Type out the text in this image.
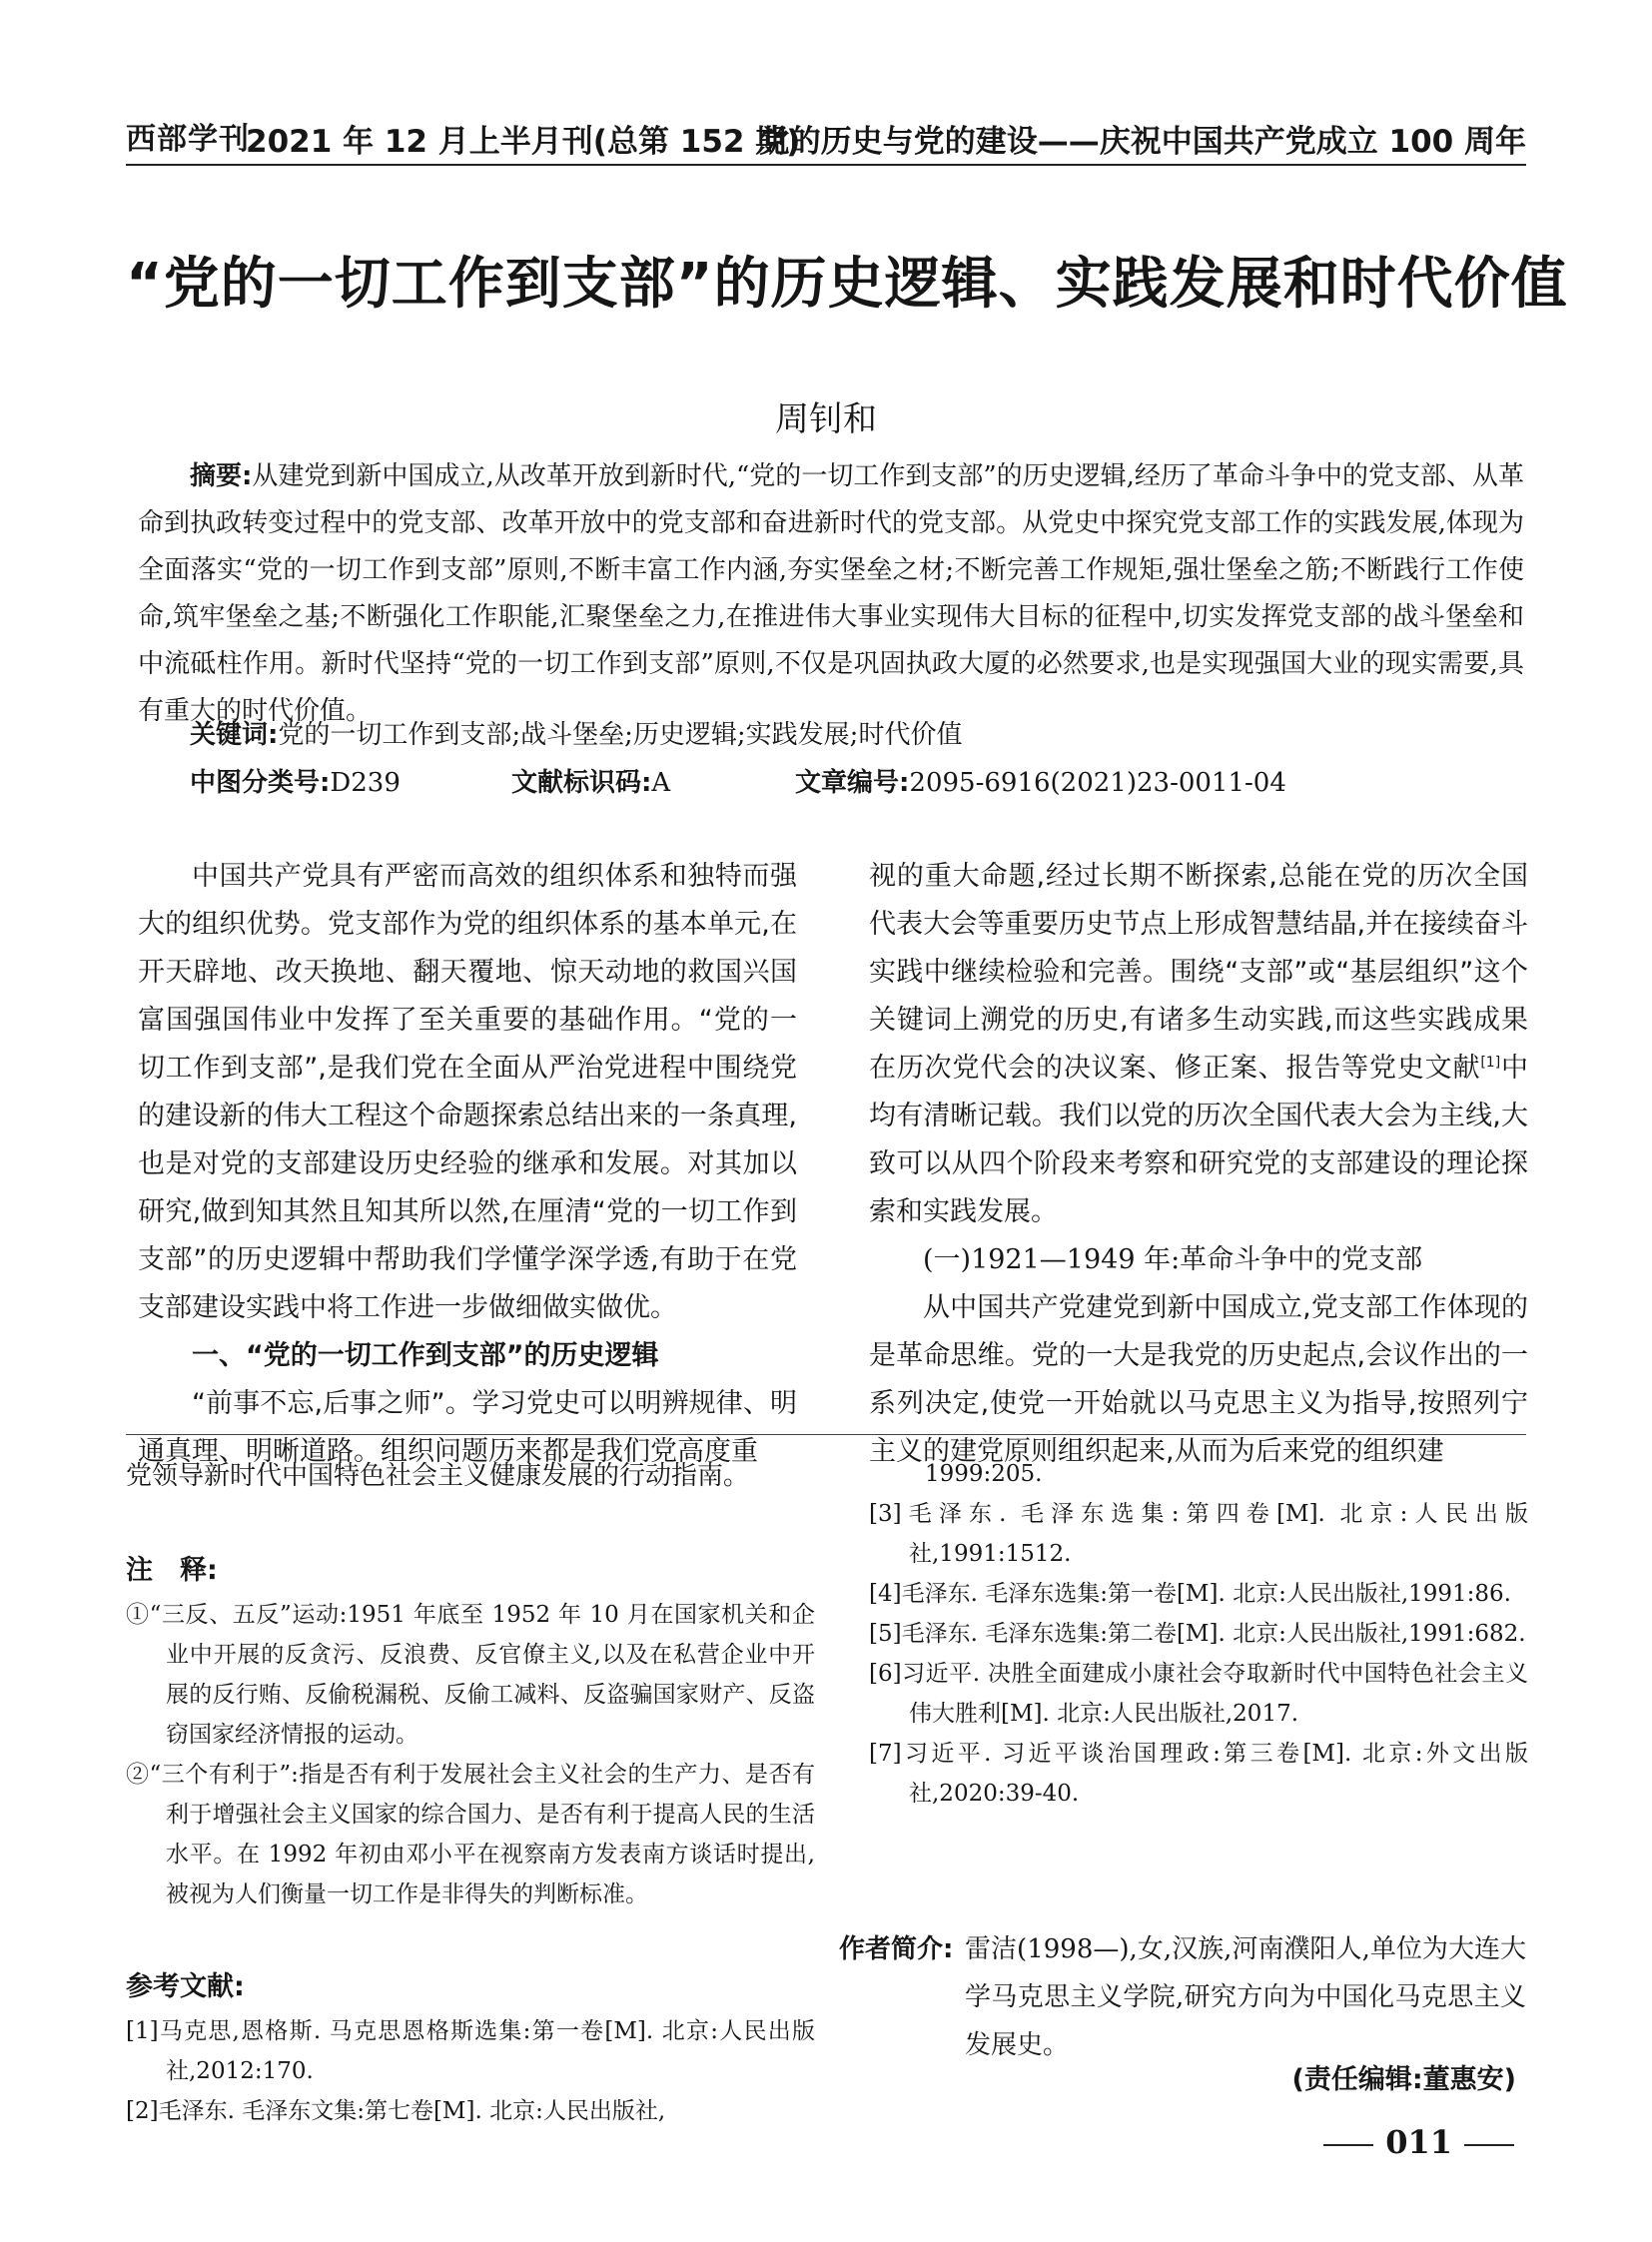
西部学刊
2021 年 12 月上半月刊(总第 152 期)
党的历史与党的建设——庆祝中国共产党成立 100 周年
“党的一切工作到支部”的历史逻辑、实践发展和时代价值
周钊和
摘要:从建党到新中国成立,从改革开放到新时代,“党的一切工作到支部”的历史逻辑,经历了革命斗争中的党支部、从革命到执政转变过程中的党支部、改革开放中的党支部和奋进新时代的党支部。从党史中探究党支部工作的实践发展,体现为全面落实“党的一切工作到支部”原则,不断丰富工作内涵,夯实堡垒之材;不断完善工作规矩,强壮堡垒之筋;不断践行工作使命,筑牢堡垒之基;不断强化工作职能,汇聚堡垒之力,在推进伟大事业实现伟大目标的征程中,切实发挥党支部的战斗堡垒和中流砥柱作用。新时代坚持“党的一切工作到支部”原则,不仅是巩固执政大厦的必然要求,也是实现强国大业的现实需要,具有重大的时代价值。
关键词:党的一切工作到支部;战斗堡垒;历史逻辑;实践发展;时代价值
中图分类号:D239	文献标识码:A	文章编号:2095-6916(2021)23-0011-04

中国共产党具有严密而高效的组织体系和独特而强大的组织优势。党支部作为党的组织体系的基本单元,在开天辟地、改天换地、翻天覆地、惊天动地的救国兴国富国强国伟业中发挥了至关重要的基础作用。“党的一切工作到支部”,是我们党在全面从严治党进程中围绕党的建设新的伟大工程这个命题探索总结出来的一条真理,也是对党的支部建设历史经验的继承和发展。对其加以研究,做到知其然且知其所以然,在厘清“党的一切工作到支部”的历史逻辑中帮助我们学懂学深学透,有助于在党支部建设实践中将工作进一步做细做实做优。

一、“党的一切工作到支部”的历史逻辑

“前事不忘,后事之师”。学习党史可以明辨规律、明通真理、明晰道路。组织问题历来都是我们党高度重

视的重大命题,经过长期不断探索,总能在党的历次全国代表大会等重要历史节点上形成智慧结晶,并在接续奋斗实践中继续检验和完善。围绕“支部”或“基层组织”这个关键词上溯党的历史,有诸多生动实践,而这些实践成果在历次党代会的决议案、修正案、报告等党史文献[1]中均有清晰记载。我们以党的历次全国代表大会为主线,大致可以从四个阶段来考察和研究党的支部建设的理论探索和实践发展。

(一)1921—1949 年:革命斗争中的党支部

从中国共产党建党到新中国成立,党支部工作体现的是革命思维。党的一大是我党的历史起点,会议作出的一系列决定,使党一开始就以马克思主义为指导,按照列宁主义的建党原则组织起来,从而为后来党的组织建

党领导新时代中国特色社会主义健康发展的行动指南。
注　释:

①“三反、五反”运动:1951 年底至 1952 年 10 月在国家机关和企业中开展的反贪污、反浪费、反官僚主义,以及在私营企业中开展的反行贿、反偷税漏税、反偷工减料、反盗骗国家财产、反盗窃国家经济情报的运动。

②“三个有利于”:指是否有利于发展社会主义社会的生产力、是否有利于增强社会主义国家的综合国力、是否有利于提高人民的生活水平。在 1992 年初由邓小平在视察南方发表南方谈话时提出,被视为人们衡量一切工作是非得失的判断标准。

参考文献:

[1]马克思,恩格斯. 马克思恩格斯选集:第一卷[M]. 北京:人民出版社,2012:170.

[2]毛泽东. 毛泽东文集:第七卷[M]. 北京:人民出版社,

1999:205.

[3]毛泽东. 毛泽东选集:第四卷[M]. 北京:人民出版社,1991:1512.

[4]毛泽东. 毛泽东选集:第一卷[M]. 北京:人民出版社,1991:86.

[5]毛泽东. 毛泽东选集:第二卷[M]. 北京:人民出版社,1991:682.

[6]习近平. 决胜全面建成小康社会夺取新时代中国特色社会主义伟大胜利[M]. 北京:人民出版社,2017.

[7]习近平. 习近平谈治国理政:第三卷[M]. 北京:外文出版社,2020:39-40.

作者简介: 雷洁(1998—),女,汉族,河南濮阳人,单位为大连大学马克思主义学院,研究方向为中国化马克思主义发展史。
(责任编辑:董惠安)
011
